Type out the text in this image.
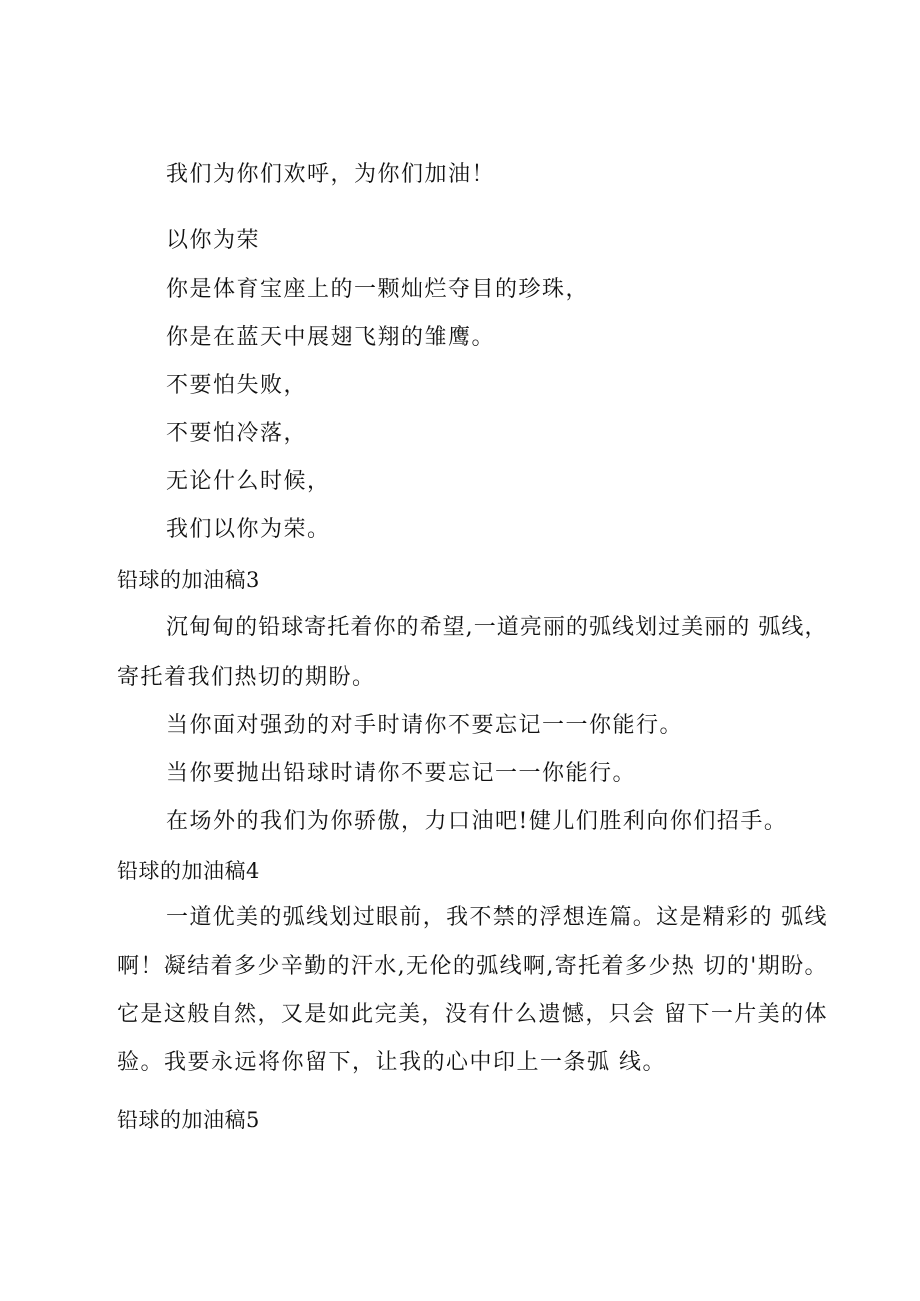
我们为你们欢呼，为你们加油！
以你为荣
你是体育宝座上的一颗灿烂夺目的珍珠，
你是在蓝天中展翅飞翔的雏鹰。
不要怕失败，
不要怕冷落，
无论什么时候，
我们以你为荣。
铅球的加油稿3
沉甸甸的铅球寄托着你的希望,一道亮丽的弧线划过美丽的 弧线，
寄托着我们热切的期盼。
当你面对强劲的对手时请你不要忘记一一你能行。
当你要抛出铅球时请你不要忘记一一你能行。
在场外的我们为你骄傲，力口油吧!健儿们胜利向你们招手。
铅球的加油稿4
一道优美的弧线划过眼前，我不禁的浮想连篇。这是精彩的 弧线
啊！凝结着多少辛勤的汗水,无伦的弧线啊,寄托着多少热 切的'期盼。
它是这般自然，又是如此完美，没有什么遗憾，只会 留下一片美的体
验。我要永远将你留下，让我的心中印上一条弧 线。
铅球的加油稿5
